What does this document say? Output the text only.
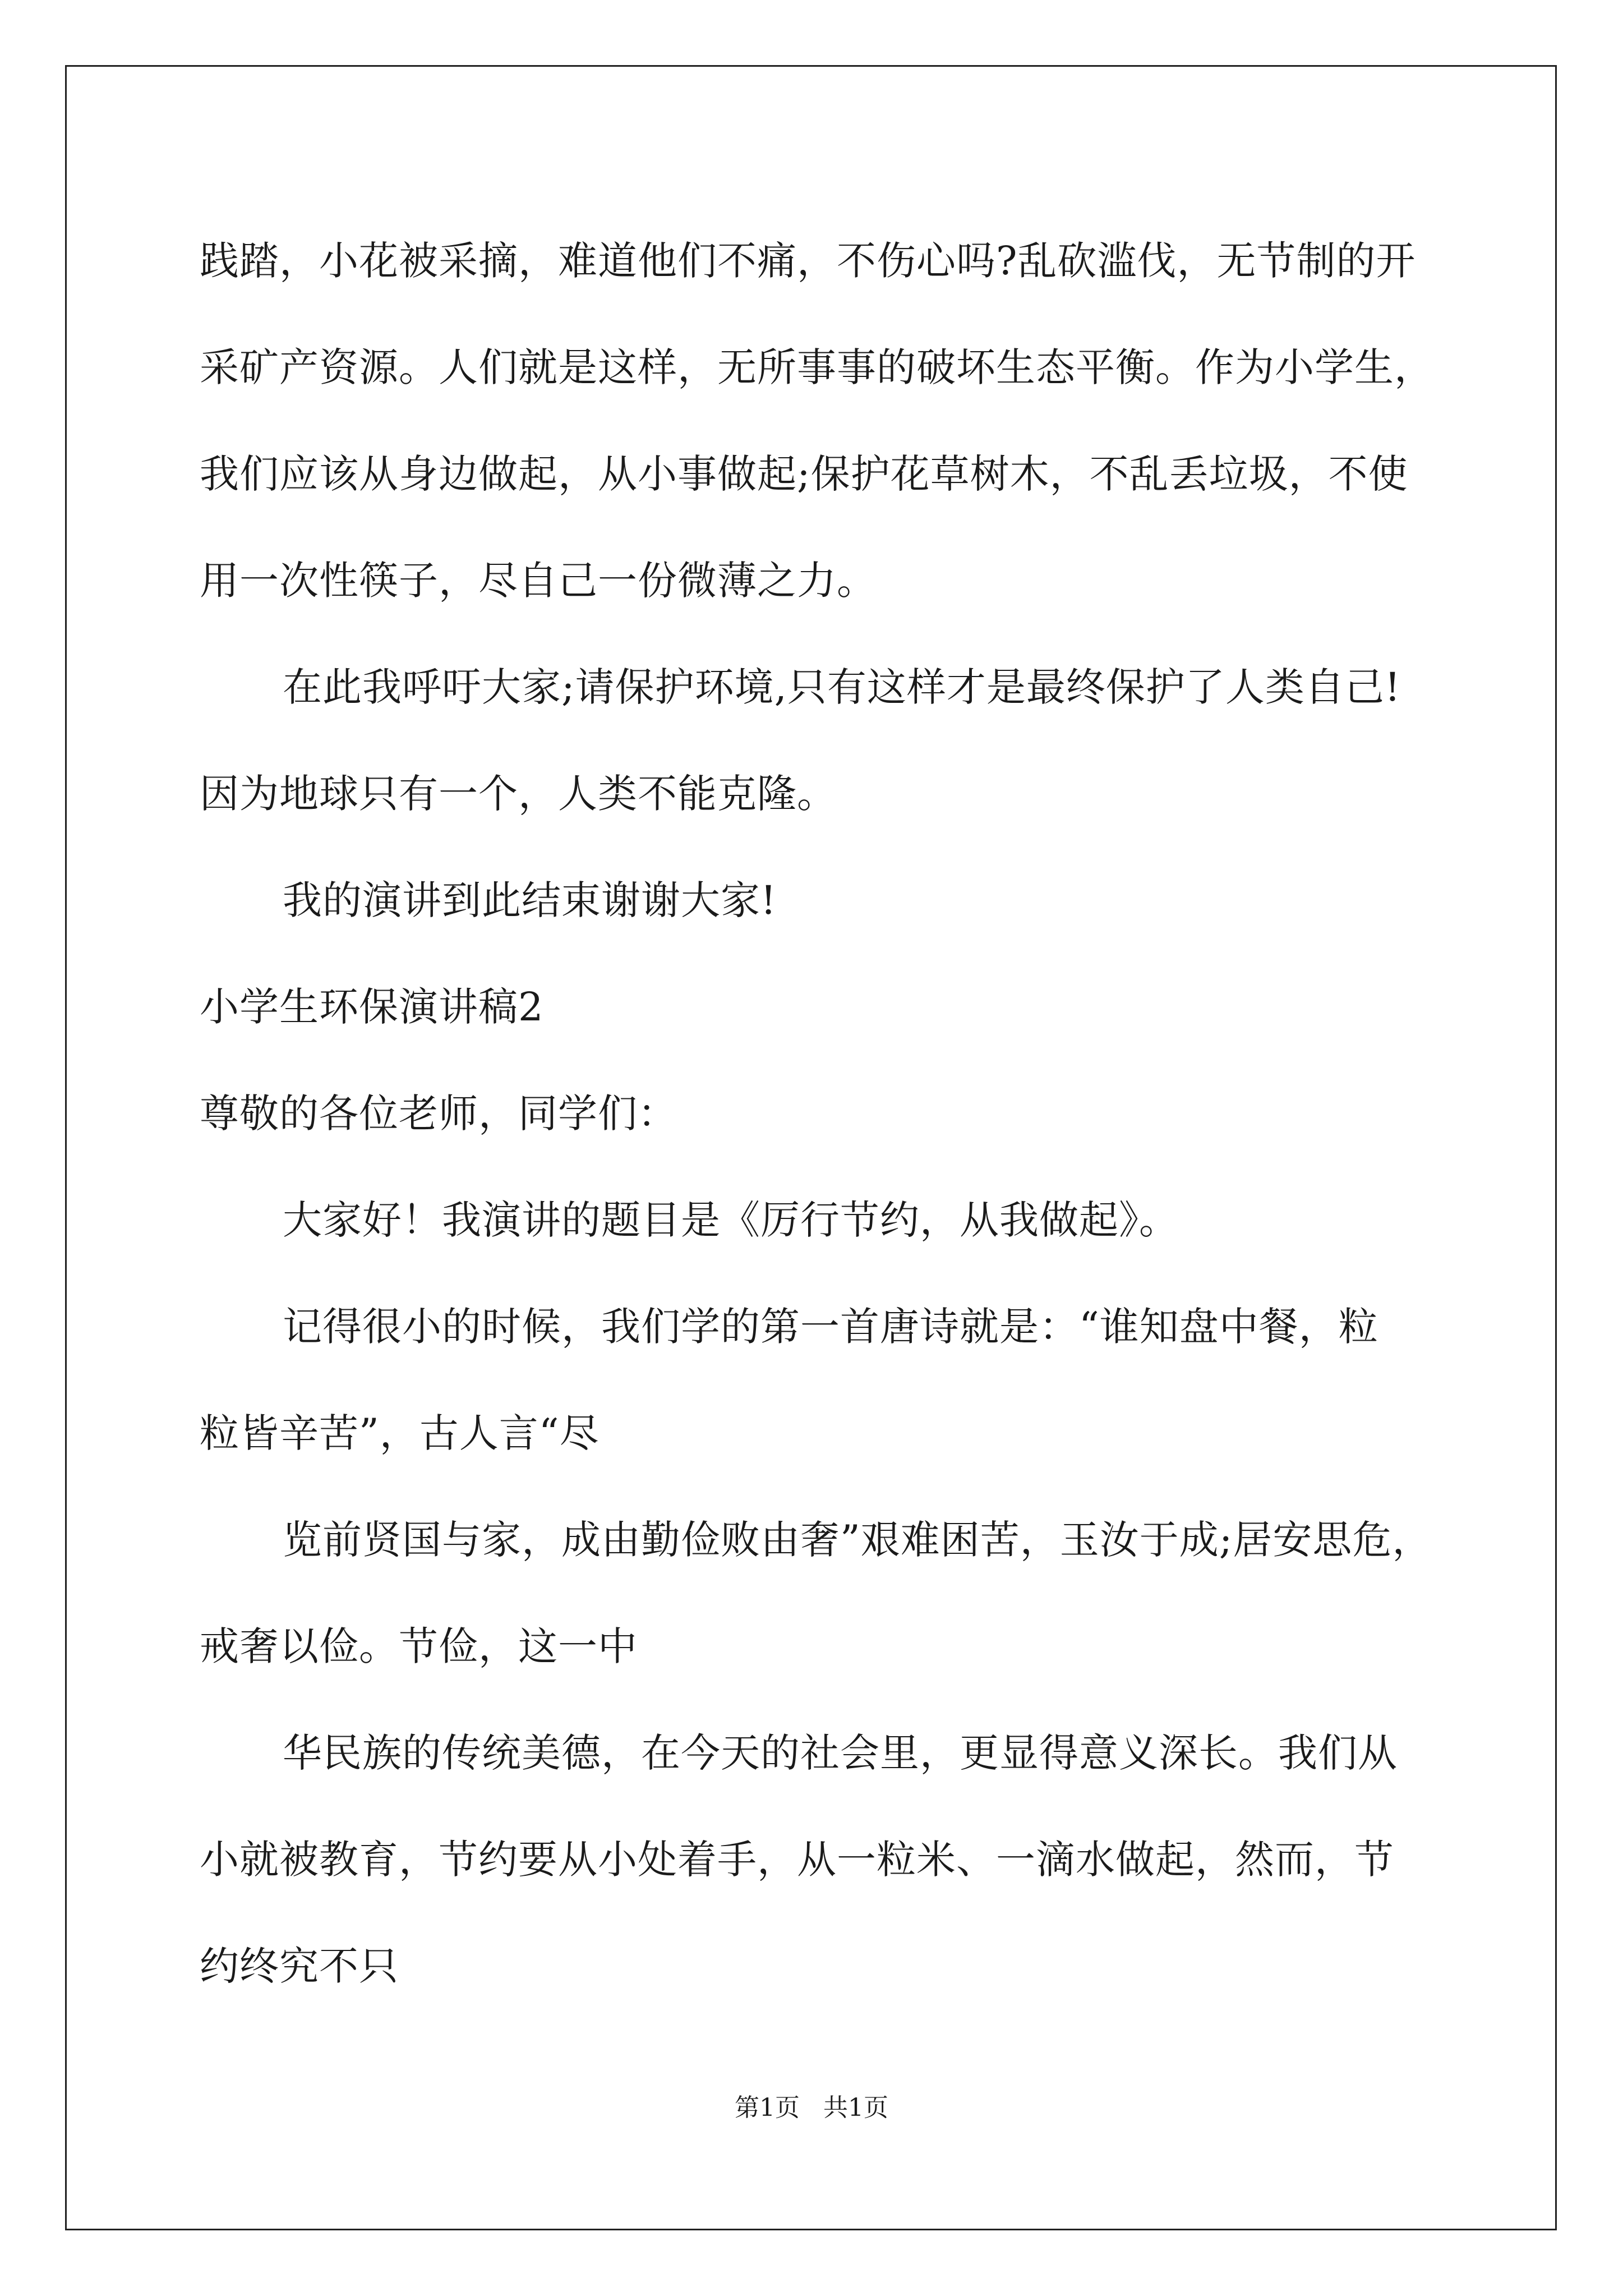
践踏，小花被采摘，难道他们不痛，不伤心吗?乱砍滥伐，无节制的开
采矿产资源。人们就是这样，无所事事的破坏生态平衡。作为小学生，
我们应该从身边做起，从小事做起;保护花草树木，不乱丢垃圾，不使
用一次性筷子，尽自己一份微薄之力。
在此我呼吁大家;请保护环境,只有这样才是最终保护了人类自己!
因为地球只有一个，人类不能克隆。
我的演讲到此结束谢谢大家!
小学生环保演讲稿2
尊敬的各位老师，同学们：
大家好！我演讲的题目是《厉行节约，从我做起》。
记得很小的时候，我们学的第一首唐诗就是：“谁知盘中餐，粒
粒皆辛苦”，古人言“尽
览前贤国与家，成由勤俭败由奢”艰难困苦，玉汝于成;居安思危，
戒奢以俭。节俭，这一中
华民族的传统美德，在今天的社会里，更显得意义深长。我们从
小就被教育，节约要从小处着手，从一粒米、一滴水做起，然而，节
约终究不只
第1页   共1页
